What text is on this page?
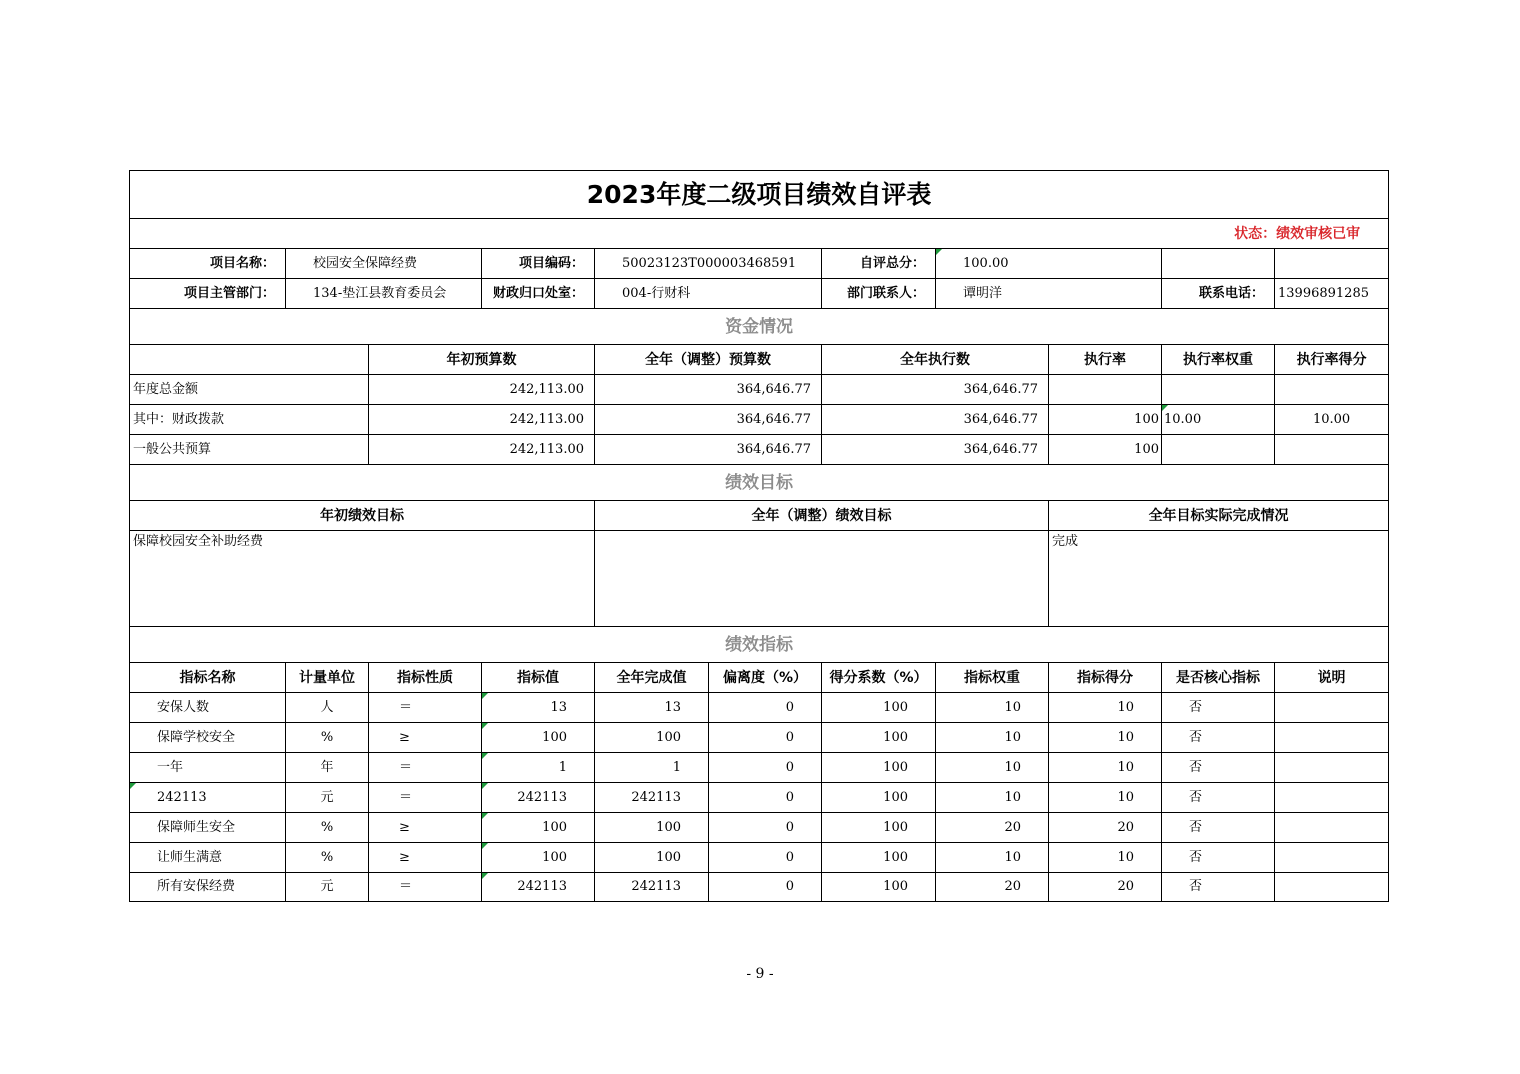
2023年度二级项目绩效自评表										
状态：绩效审核已审										
项目名称：	校园安全保障经费		项目编码：	50023123T000003468591		自评总分：	100.00			
项目主管部门：	134-垫江县教育委员会		财政归口处室：	004-行财科		部门联系人：	谭明洋		联系电话：	13996891285
资金情况										
		年初预算数		全年（调整）预算数		全年执行数		执行率	执行率权重	执行率得分
年度总金额		242,113.00		364,646.77		364,646.77				
其中：财政拨款		242,113.00		364,646.77		364,646.77		100	10.00	10.00
一般公共预算		242,113.00		364,646.77		364,646.77		100		
绩效目标										
年初绩效目标				全年（调整）绩效目标				全年目标实际完成情况		
保障校园安全补助经费								完成		
绩效指标										
指标名称	计量单位	指标性质	指标值	全年完成值	偏离度（%）	得分系数（%）	指标权重	指标得分	是否核心指标	说明
安保人数	人	＝	13	13	0	100	10	10	否	
保障学校安全	%	≥	100	100	0	100	10	10	否	
一年	年	＝	1	1	0	100	10	10	否	
242113	元	＝	242113	242113	0	100	10	10	否	
保障师生安全	%	≥	100	100	0	100	20	20	否	
让师生满意	%	≥	100	100	0	100	10	10	否	
所有安保经费	元	＝	242113	242113	0	100	20	20	否	
- 9 -
